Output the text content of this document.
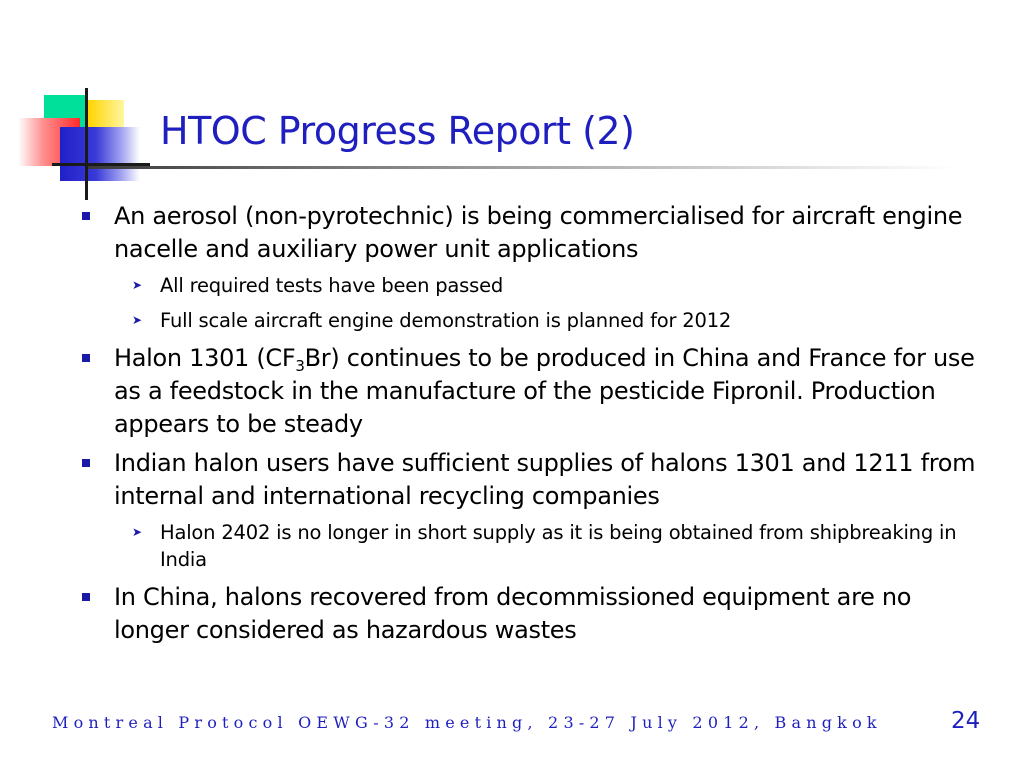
HTOC Progress Report (2)
An aerosol (non-pyrotechnic) is being commercialised for aircraft engine nacelle and auxiliary power unit applications
➤ All required tests have been passed
➤ Full scale aircraft engine demonstration is planned for 2012
Halon 1301 $(CF_3Br)$ continues to be produced in China and France for use as a feedstock in the manufacture of the pesticide Fipronil. Production appears to be steady
Indian halon users have sufficient supplies of halons 1301 and 1211 from internal and international recycling companies
➤ Halon 2402 is no longer in short supply as it is being obtained from shipbreaking in India
In China, halons recovered from decommissioned equipment are no longer considered as hazardous wastes
Montreal Protocol OEWG-32 meeting, 23-27 July 2012, Bangkok	24
